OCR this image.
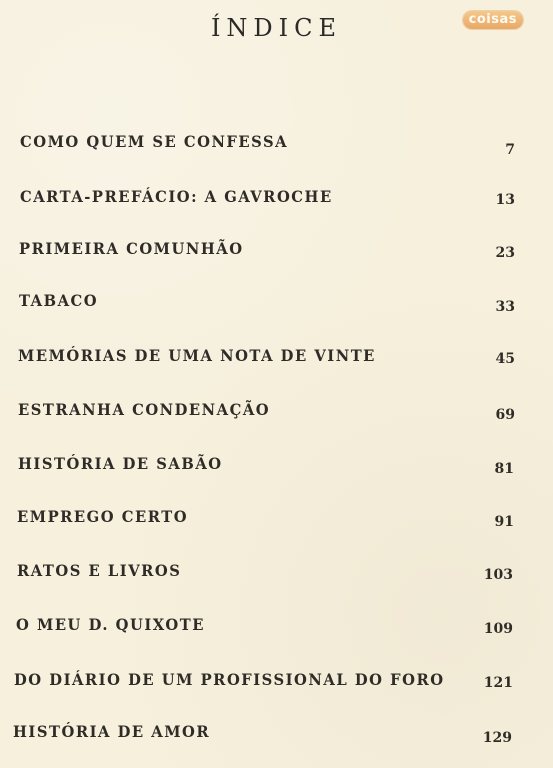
ÍNDICE	coisas
COMO QUEM SE CONFESSA	7
CARTA-PREFÁCIO: A GAVROCHE	13
PRIMEIRA COMUNHÃO	23
TABACO	33
MEMÓRIAS DE UMA NOTA DE VINTE	45
ESTRANHA CONDENAÇÃO	69
HISTÓRIA DE SABÃO	81
EMPREGO CERTO	91
RATOS E LIVROS	103
O MEU D. QUIXOTE	109
DO DIÁRIO DE UM PROFISSIONAL DO FORO	121
HISTÓRIA DE AMOR	129
